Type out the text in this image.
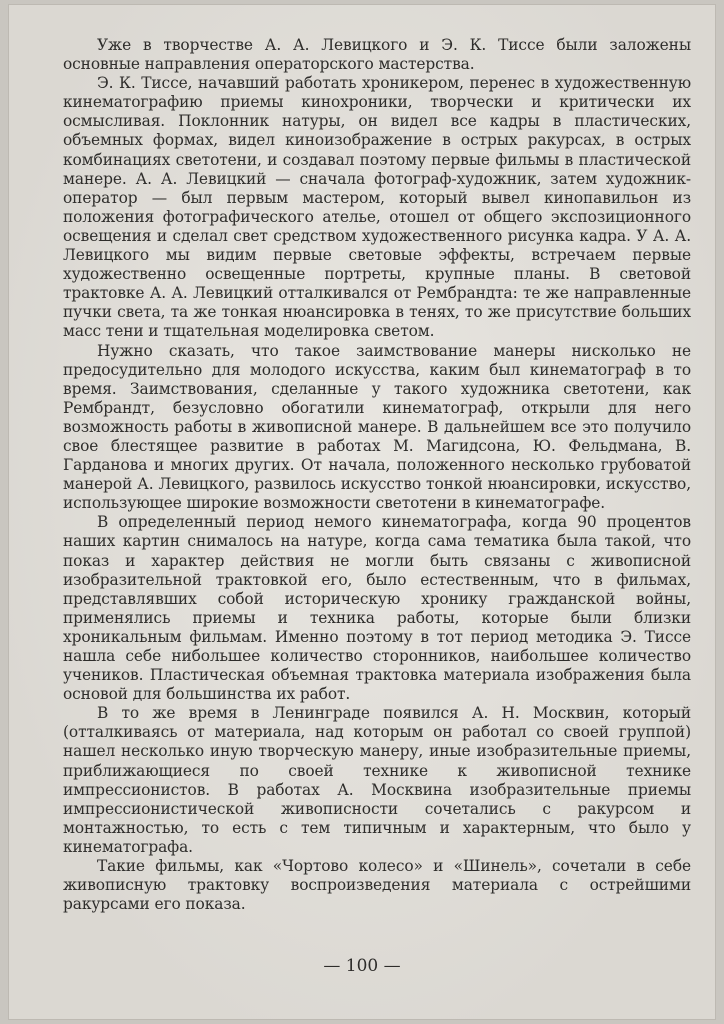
Уже в творчестве А. А. Левицкого и Э. К. Тиссе были заложены основные направления операторского мастерства.

Э. К. Тиссе, начавший работать хроникером, перенес в художественную кинематографию приемы кинохроники, творчески и критически их осмысливая. Поклонник натуры, он видел все кадры в пластических, объемных формах, видел киноизображение в острых ракурсах, в острых комбинациях светотени, и создавал поэтому первые фильмы в пластической манере. А. А. Левицкий — сначала фотограф-художник, затем художник-оператор — был первым мастером, который вывел кинопавильон из положения фотографического ателье, отошел от общего экспозиционного освещения и сделал свет средством художественного рисунка кадра. У А. А. Левицкого мы видим первые световые эффекты, встречаем первые художественно освещенные портреты, крупные планы. В световой трактовке А. А. Левицкий отталкивался от Рембрандта: те же направленные пучки света, та же тонкая нюансировка в тенях, то же присутствие больших масс тени и тщательная моделировка светом.

Нужно сказать, что такое заимствование манеры нисколько не предосудительно для молодого искусства, каким был кинематограф в то время. Заимствования, сделанные у такого художника светотени, как Рембрандт, безусловно обогатили кинематограф, открыли для него возможность работы в живописной манере. В дальнейшем все это получило свое блестящее развитие в работах М. Магидсона, Ю. Фельдмана, В. Гарданова и многих других. От начала, положенного несколько грубоватой манерой А. Левицкого, развилось искусство тонкой нюансировки, искусство, использующее широкие возможности светотени в кинематографе.

В определенный период немого кинематографа, когда 90 процентов наших картин снималось на натуре, когда сама тематика была такой, что показ и характер действия не могли быть связаны с живописной изобразительной трактовкой его, было естественным, что в фильмах, представлявших собой историческую хронику гражданской войны, применялись приемы и техника работы, которые были близки хроникальным фильмам. Именно поэтому в тот период методика Э. Тиссе нашла себе нибольшее количество сторонников, наибольшее количество учеников. Пластическая объемная трактовка материала изображения была основой для большинства их работ.

В то же время в Ленинграде появился А. Н. Москвин, который (отталкиваясь от материала, над которым он работал со своей группой) нашел несколько иную творческую манеру, иные изобразительные приемы, приближающиеся по своей технике к живописной технике импрессионистов. В работах А. Москвина изобразительные приемы импрессионистической живописности сочетались с ракурсом и монтажностью, то есть с тем типичным и характерным, что было у кинематографа.

Такие фильмы, как «Чортово колесо» и «Шинель», сочетали в себе живописную трактовку воспроизведения материала с острейшими ракурсами его показа.

— 100 —
